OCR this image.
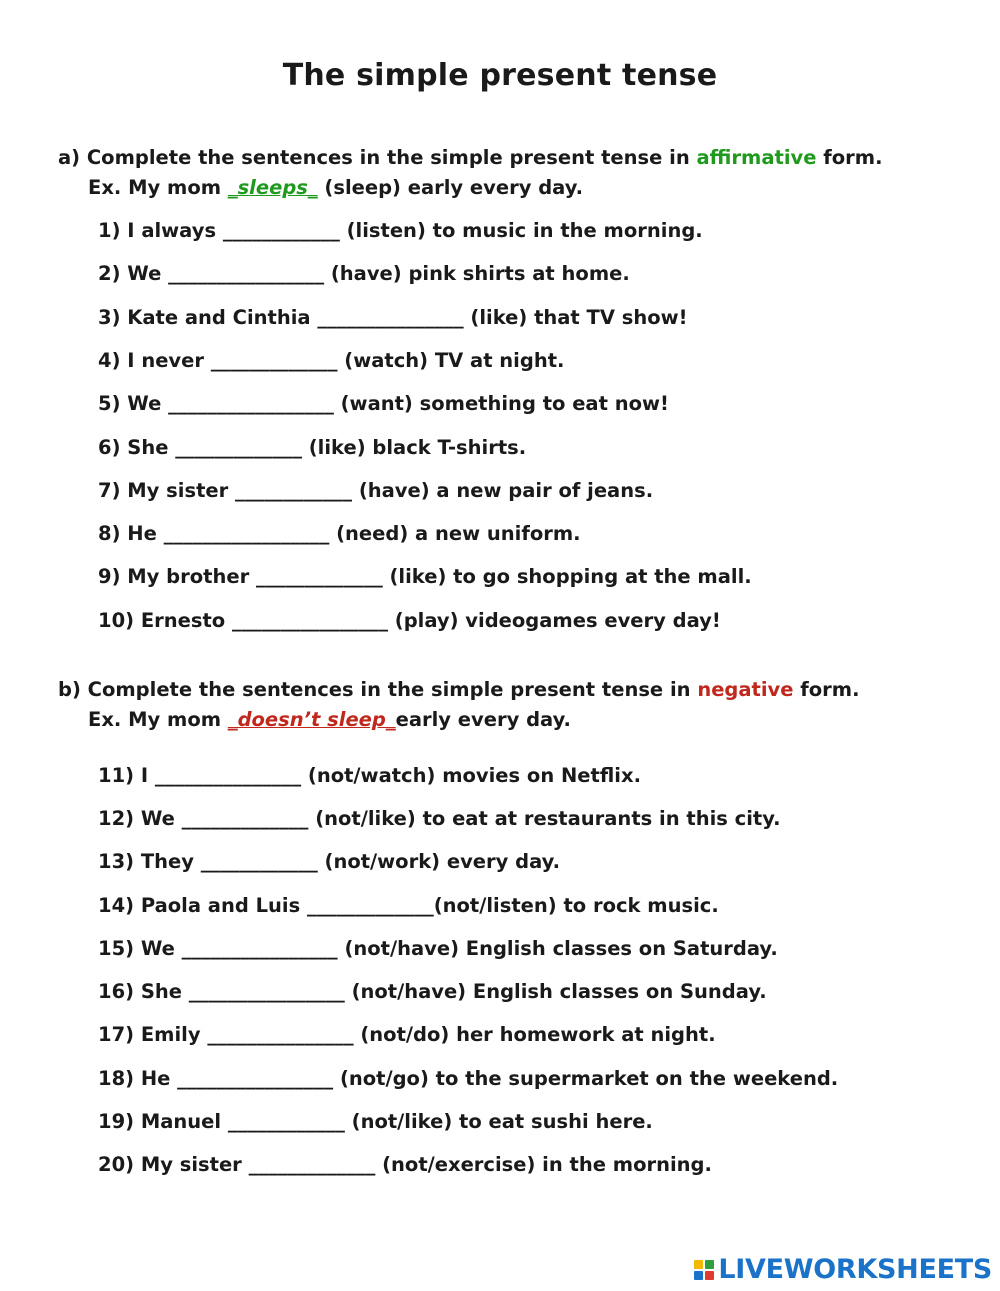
The simple present tense
a) Complete the sentences in the simple present tense in affirmative form.
Ex. My mom _sleeps_ (sleep) early every day.
1) I always ____________ (listen) to music in the morning.
2) We ________________ (have) pink shirts at home.
3) Kate and Cinthia _______________ (like) that TV show!
4) I never _____________ (watch) TV at night.
5) We _________________ (want) something to eat now!
6) She _____________ (like) black T-shirts.
7) My sister ____________ (have) a new pair of jeans.
8) He _________________ (need) a new uniform.
9) My brother _____________ (like) to go shopping at the mall.
10) Ernesto ________________ (play) videogames every day!
b) Complete the sentences in the simple present tense in negative form.
Ex. My mom _doesn’t sleep_early every day.
11) I _______________ (not/watch) movies on Netflix.
12) We _____________ (not/like) to eat at restaurants in this city.
13) They ____________ (not/work) every day.
14) Paola and Luis _____________(not/listen) to rock music.
15) We ________________ (not/have) English classes on Saturday.
16) She ________________ (not/have) English classes on Sunday.
17) Emily _______________ (not/do) her homework at night.
18) He ________________ (not/go) to the supermarket on the weekend.
19) Manuel ____________ (not/like) to eat sushi here.
20) My sister _____________ (not/exercise) in the morning.
LIVEWORKSHEETS
